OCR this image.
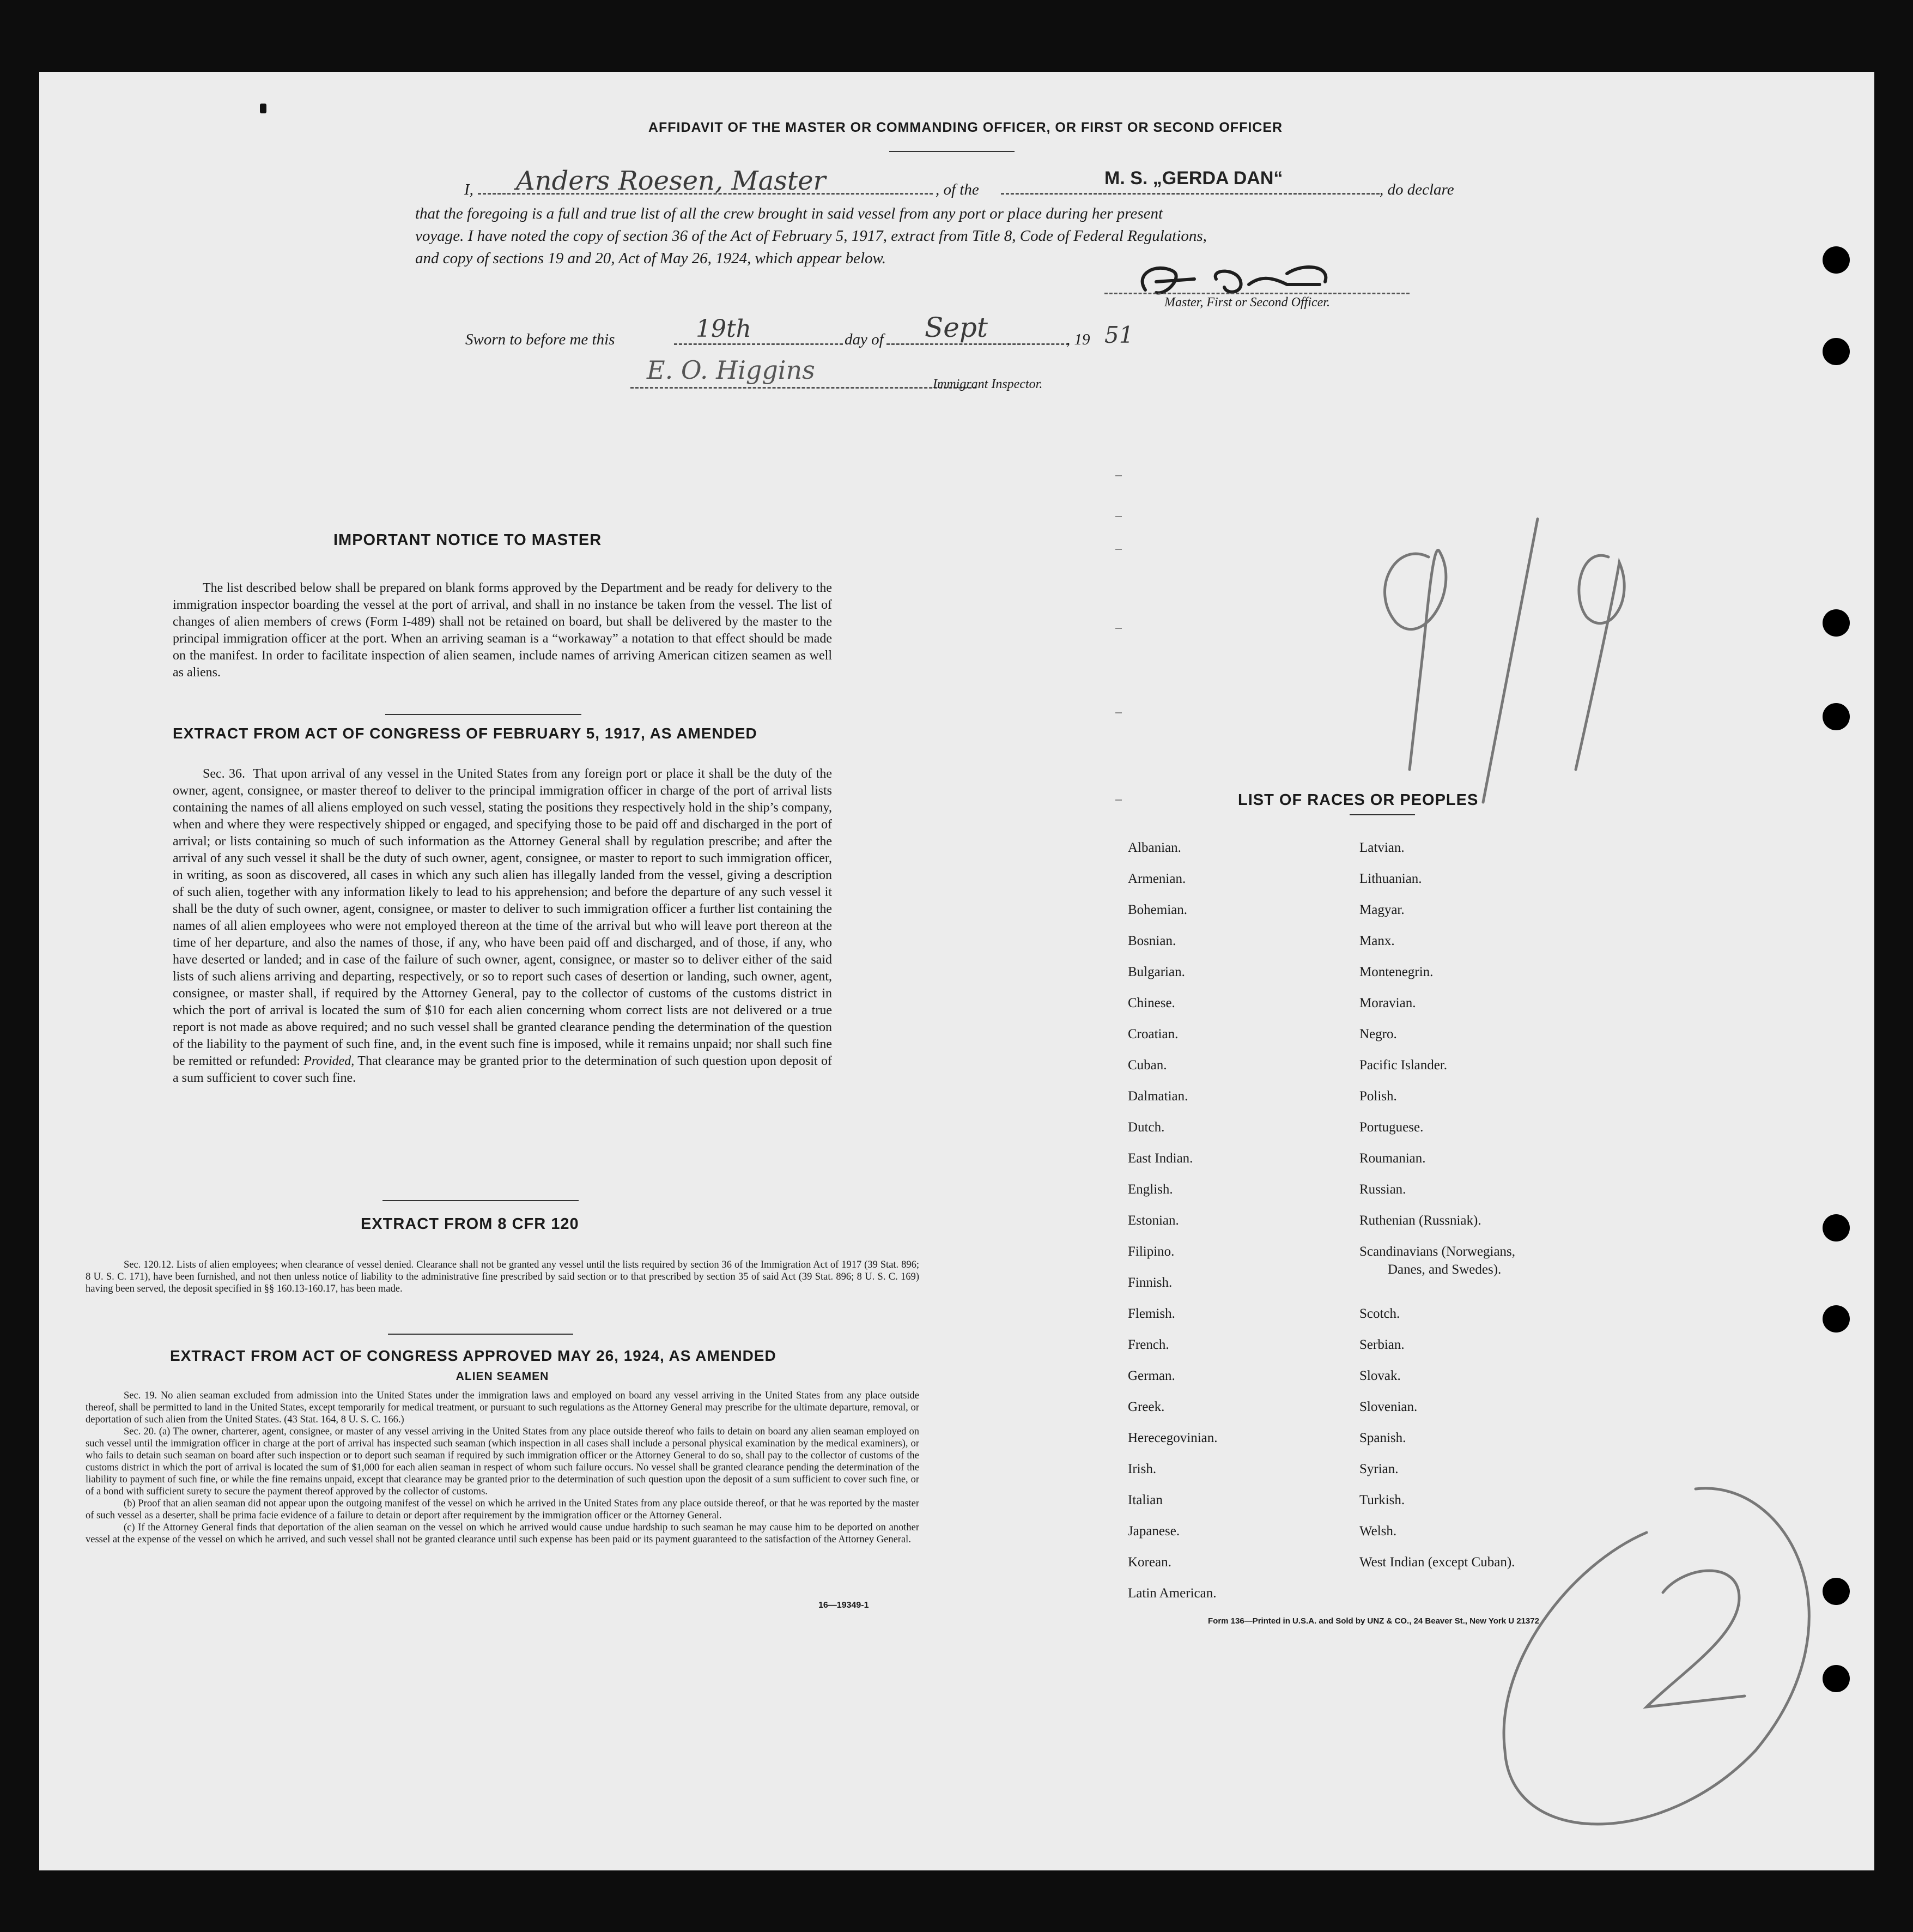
AFFIDAVIT OF THE MASTER OR COMMANDING OFFICER, OR FIRST OR SECOND OFFICER
I, Anders Roesen, Master	, of the
M. S. „GERDA DAN“
, do declare
that the foregoing is a full and true list of all the crew brought in said vessel from any port or place during her present
voyage. I have noted the copy of section 36 of the Act of February 5, 1917, extract from Title 8, Code of Federal Regulations,
and copy of sections 19 and 20, Act of May 26, 1924, which appear below.
Master, First or Second Officer.
Sworn to before me this	19th	day of Sept	, 19 51
E. O. Higgins	Immigrant Inspector.
IMPORTANT NOTICE TO MASTER
The list described below shall be prepared on blank forms approved by the Department and be ready for delivery to the immigration inspector boarding the vessel at the port of arrival, and shall in no instance be taken from the vessel. The list of changes of alien members of crews (Form I-489) shall not be retained on board, but shall be delivered by the master to the principal immigration officer at the port. When an arriving seaman is a “workaway” a notation to that effect should be made on the manifest. In order to facilitate inspection of alien seamen, include names of arriving American citizen seamen as well as aliens.
EXTRACT FROM ACT OF CONGRESS OF FEBRUARY 5, 1917, AS AMENDED
Sec. 36. That upon arrival of any vessel in the United States from any foreign port or place it shall be the duty of the owner, agent, consignee, or master thereof to deliver to the principal immigration officer in charge of the port of arrival lists containing the names of all aliens employed on such vessel, stating the positions they respectively hold in the ship’s company, when and where they were respectively shipped or engaged, and specifying those to be paid off and discharged in the port of arrival; or lists containing so much of such information as the Attorney General shall by regulation prescribe; and after the arrival of any such vessel it shall be the duty of such owner, agent, consignee, or master to report to such immigration officer, in writing, as soon as discovered, all cases in which any such alien has illegally landed from the vessel, giving a description of such alien, together with any information likely to lead to his apprehension; and before the departure of any such vessel it shall be the duty of such owner, agent, consignee, or master to deliver to such immigration officer a further list containing the names of all alien employees who were not employed thereon at the time of the arrival but who will leave port thereon at the time of her departure, and also the names of those, if any, who have been paid off and discharged, and of those, if any, who have deserted or landed; and in case of the failure of such owner, agent, consignee, or master so to deliver either of the said lists of such aliens arriving and departing, respectively, or so to report such cases of desertion or landing, such owner, agent, consignee, or master shall, if required by the Attorney General, pay to the collector of customs of the customs district in which the port of arrival is located the sum of $10 for each alien concerning whom correct lists are not delivered or a true report is not made as above required; and no such vessel shall be granted clearance pending the determination of the question of the liability to the payment of such fine, and, in the event such fine is imposed, while it remains unpaid; nor shall such fine be remitted or refunded: Provided, That clearance may be granted prior to the determination of such question upon deposit of a sum sufficient to cover such fine.
EXTRACT FROM 8 CFR 120
Sec. 120.12. Lists of alien employees; when clearance of vessel denied. Clearance shall not be granted any vessel until the lists required by section 36 of the Immigration Act of 1917 (39 Stat. 896; 8 U. S. C. 171), have been furnished, and not then unless notice of liability to the administrative fine prescribed by said section or to that prescribed by section 35 of said Act (39 Stat. 896; 8 U. S. C. 169) having been served, the deposit specified in §§ 160.13-160.17, has been made.
EXTRACT FROM ACT OF CONGRESS APPROVED MAY 26, 1924, AS AMENDED
ALIEN SEAMEN
Sec. 19. No alien seaman excluded from admission into the United States under the immigration laws and employed on board any vessel arriving in the United States from any place outside thereof, shall be permitted to land in the United States, except temporarily for medical treatment, or pursuant to such regulations as the Attorney General may prescribe for the ultimate departure, removal, or deportation of such alien from the United States. (43 Stat. 164, 8 U. S. C. 166.)
Sec. 20. (a) The owner, charterer, agent, consignee, or master of any vessel arriving in the United States from any place outside thereof who fails to detain on board any alien seaman employed on such vessel until the immigration officer in charge at the port of arrival has inspected such seaman (which inspection in all cases shall include a personal physical examination by the medical examiners), or who fails to detain such seaman on board after such inspection or to deport such seaman if required by such immigration officer or the Attorney General to do so, shall pay to the collector of customs of the customs district in which the port of arrival is located the sum of $1,000 for each alien seaman in respect of whom such failure occurs. No vessel shall be granted clearance pending the determination of the liability to payment of such fine, or while the fine remains unpaid, except that clearance may be granted prior to the determination of such question upon the deposit of a sum sufficient to cover such fine, or of a bond with sufficient surety to secure the payment thereof approved by the collector of customs.
(b) Proof that an alien seaman did not appear upon the outgoing manifest of the vessel on which he arrived in the United States from any place outside thereof, or that he was reported by the master of such vessel as a deserter, shall be prima facie evidence of a failure to detain or deport after requirement by the immigration officer or the Attorney General.
(c) If the Attorney General finds that deportation of the alien seaman on the vessel on which he arrived would cause undue hardship to such seaman he may cause him to be deported on another vessel at the expense of the vessel on which he arrived, and such vessel shall not be granted clearance until such expense has been paid or its payment guaranteed to the satisfaction of the Attorney General.
16—19349-1
LIST OF RACES OR PEOPLES
Albanian.
Armenian.
Bohemian.
Bosnian.
Bulgarian.
Chinese.
Croatian.
Cuban.
Dalmatian.
Dutch.
East Indian.
English.
Estonian.
Filipino.
Finnish.
Flemish.
French.
German.
Greek.
Herecegovinian.
Irish.
Italian
Japanese.
Korean.
Latin American.
Latvian.
Lithuanian.
Magyar.
Manx.
Montenegrin.
Moravian.
Negro.
Pacific Islander.
Polish.
Portuguese.
Roumanian.
Russian.
Ruthenian (Russniak).
Scandinavians (Norwegians,
Danes, and Swedes).
Scotch.
Serbian.
Slovak.
Slovenian.
Spanish.
Syrian.
Turkish.
Welsh.
West Indian (except Cuban).
Form 136—Printed in U.S.A. and Sold by UNZ & CO., 24 Beaver St., New York U 21372
9/19
2
